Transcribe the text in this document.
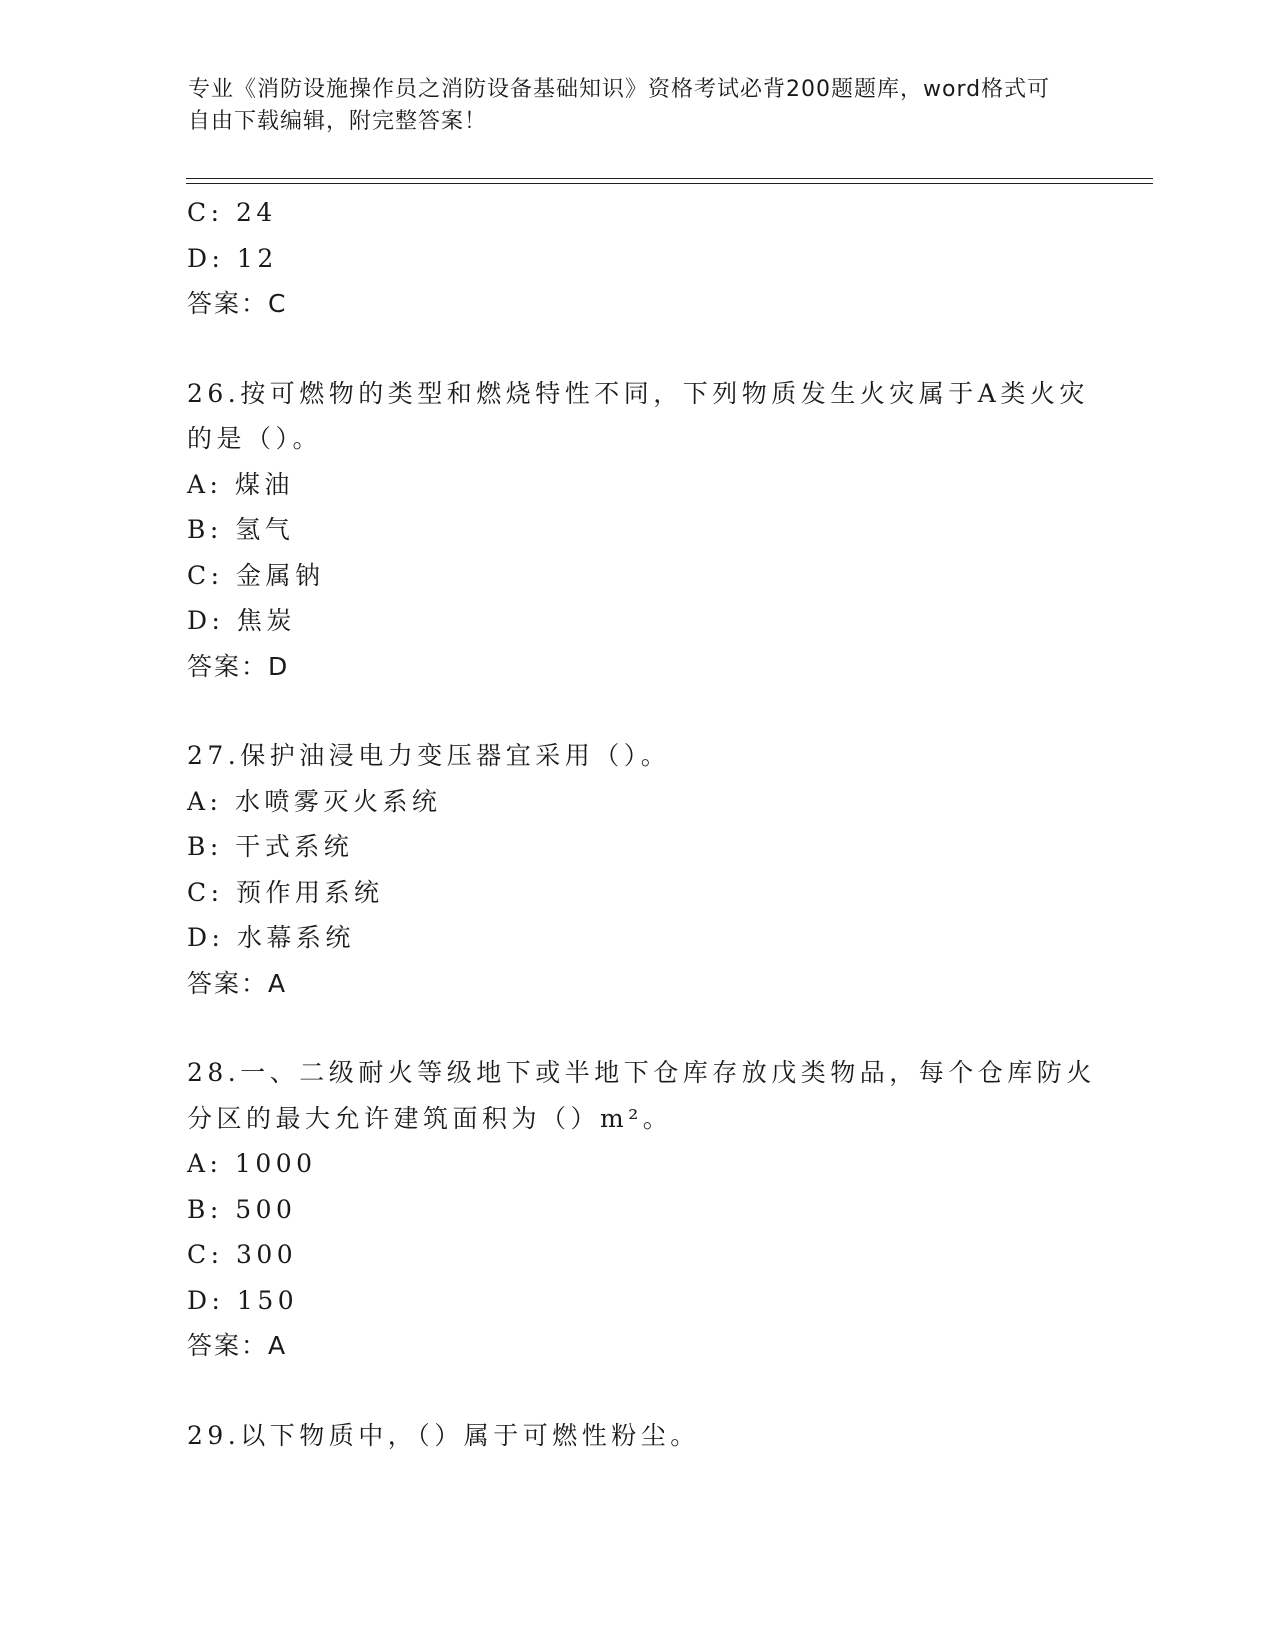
专业《消防设施操作员之消防设备基础知识》资格考试必背200题题库，word格式可自由下载编辑，附完整答案！
C: 24
D: 12
答案：C
26.按可燃物的类型和燃烧特性不同，下列物质发生火灾属于A类火灾
的是（）。
A: 煤油
B: 氢气
C: 金属钠
D: 焦炭
答案：D
27.保护油浸电力变压器宜采用（）。
A: 水喷雾灭火系统
B: 干式系统
C: 预作用系统
D: 水幕系统
答案：A
28.一、二级耐火等级地下或半地下仓库存放戊类物品，每个仓库防火
分区的最大允许建筑面积为（）m²。
A: 1000
B: 500
C: 300
D: 150
答案：A
29.以下物质中，（）属于可燃性粉尘。
